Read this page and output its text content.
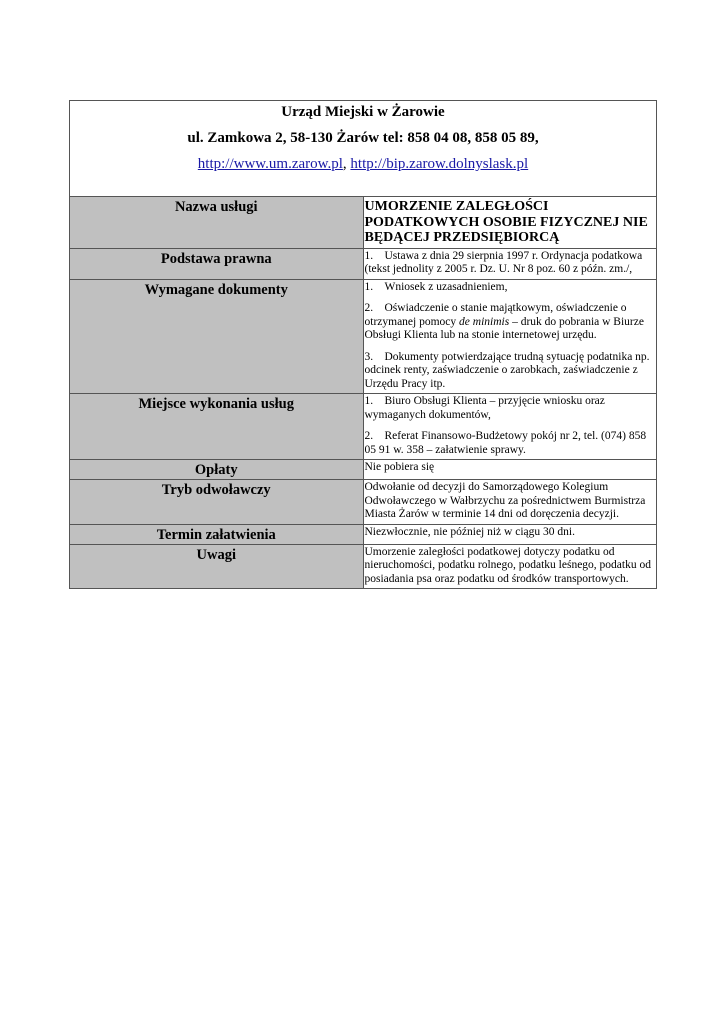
Urząd Miejski w Żarowie
ul. Zamkowa 2, 58-130 Żarów tel: 858 04 08, 858 05 89,
http://www.um.zarow.pl, http://bip.zarow.dolnyslask.pl	

Nazwa usługi	UMORZENIE ZALEGŁOŚCI PODATKOWYCH OSOBIE FIZYCZNEJ NIE BĘDĄCEJ PRZEDSIĘBIORCĄ
Podstawa prawna	1. Ustawa z dnia 29 sierpnia 1997 r. Ordynacja podatkowa (tekst jednolity z 2005 r. Dz. U. Nr 8 poz. 60 z późn. zm./,
Wymagane dokumenty	1. Wniosek z uzasadnieniem,

2. Oświadczenie o stanie majątkowym, oświadczenie o otrzymanej pomocy de minimis – druk do pobrania w Biurze Obsługi Klienta lub na stonie internetowej urzędu.

3. Dokumenty potwierdzające trudną sytuację podatnika np. odcinek renty, zaświadczenie o zarobkach, zaświadczenie z Urzędu Pracy itp.

Miejsce wykonania usług	1. Biuro Obsługi Klienta – przyjęcie wniosku oraz wymaganych dokumentów,

2. Referat Finansowo-Budżetowy pokój nr 2, tel. (074) 858 05 91 w. 358 – załatwienie sprawy.

Opłaty	Nie pobiera się
Tryb odwoławczy	Odwołanie od decyzji do Samorządowego Kolegium Odwoławczego w Wałbrzychu za pośrednictwem Burmistrza Miasta Żarów w terminie 14 dni od doręczenia decyzji.
Termin załatwienia	Niezwłocznie, nie później niż w ciągu 30 dni.
Uwagi	Umorzenie zaległości podatkowej dotyczy podatku od nieruchomości, podatku rolnego, podatku leśnego, podatku od posiadania psa oraz podatku od środków transportowych.
